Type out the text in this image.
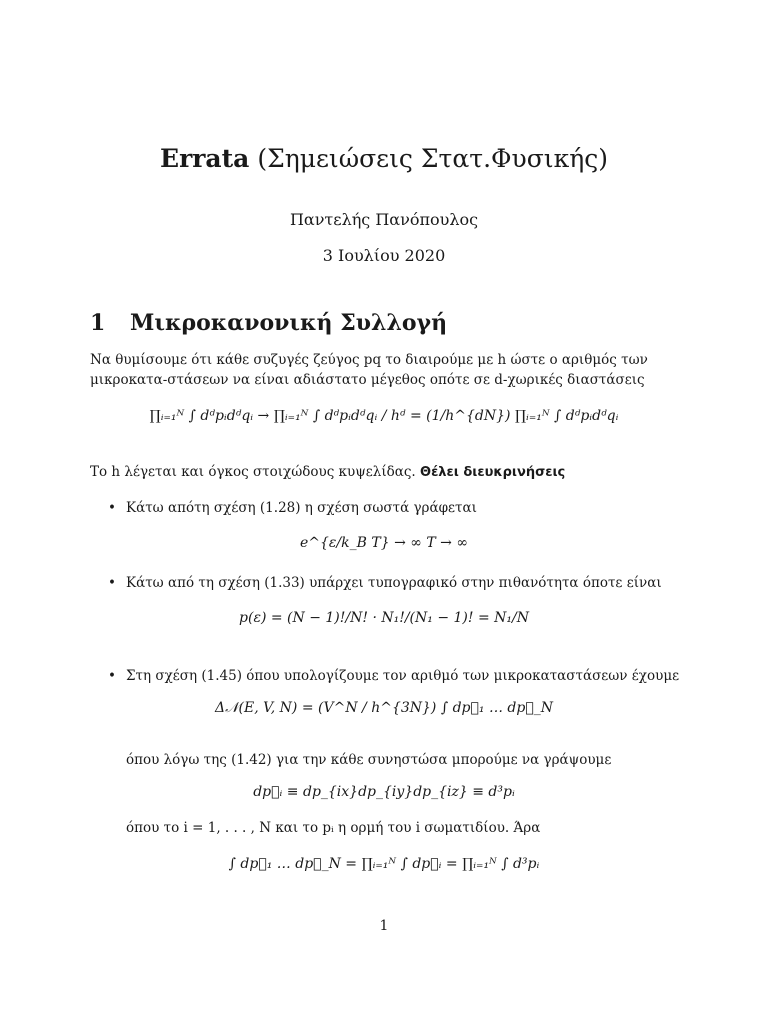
Errata (Σημειώσεις Στατ.Φυσικής)
Παντελής Πανόπουλος
3 Ιουλίου 2020
1 Μικροκανονική Συλλογή
Να θυμίσουμε ότι κάθε συζυγές ζεύγος pq το διαιρούμε με h ώστε ο αριθμός των μικροκατα-στάσεων να είναι αδιάστατο μέγεθος οπότε σε d-χωρικές διαστάσεις
∏ᵢ₌₁ᴺ ∫ dᵈpᵢdᵈqᵢ → ∏ᵢ₌₁ᴺ ∫ dᵈpᵢdᵈqᵢ / hᵈ = (1/h^{dN}) ∏ᵢ₌₁ᴺ ∫ dᵈpᵢdᵈqᵢ
Το h λέγεται και όγκος στοιχώδους κυψελίδας. Θέλει διευκρινήσεις
• Κάτω απότη σχέση (1.28) η σχέση σωστά γράφεται
e^{ε/k_B T} → ∞ T → ∞
• Κάτω από τη σχέση (1.33) υπάρχει τυπογραφικό στην πιθανότητα όποτε είναι
p(ε) = (N − 1)!/N! · N₁!/(N₁ − 1)! = N₁/N
• Στη σχέση (1.45) όπου υπολογίζουμε τον αριθμό των μικροκαταστάσεων έχουμε
Δ𝒩(E, V, N) = (V^N / h^{3N}) ∫ dp⃗₁ … dp⃗_N
όπου λόγω της (1.42) για την κάθε συνηστώσα μπορούμε να γράψουμε
dp⃗ᵢ ≡ dp_{ix}dp_{iy}dp_{iz} ≡ d³pᵢ
όπου το i = 1, . . . , N και το pᵢ η ορμή του i σωματιδίου. Άρα
∫ dp⃗₁ … dp⃗_N = ∏ᵢ₌₁ᴺ ∫ dp⃗ᵢ = ∏ᵢ₌₁ᴺ ∫ d³pᵢ
1
